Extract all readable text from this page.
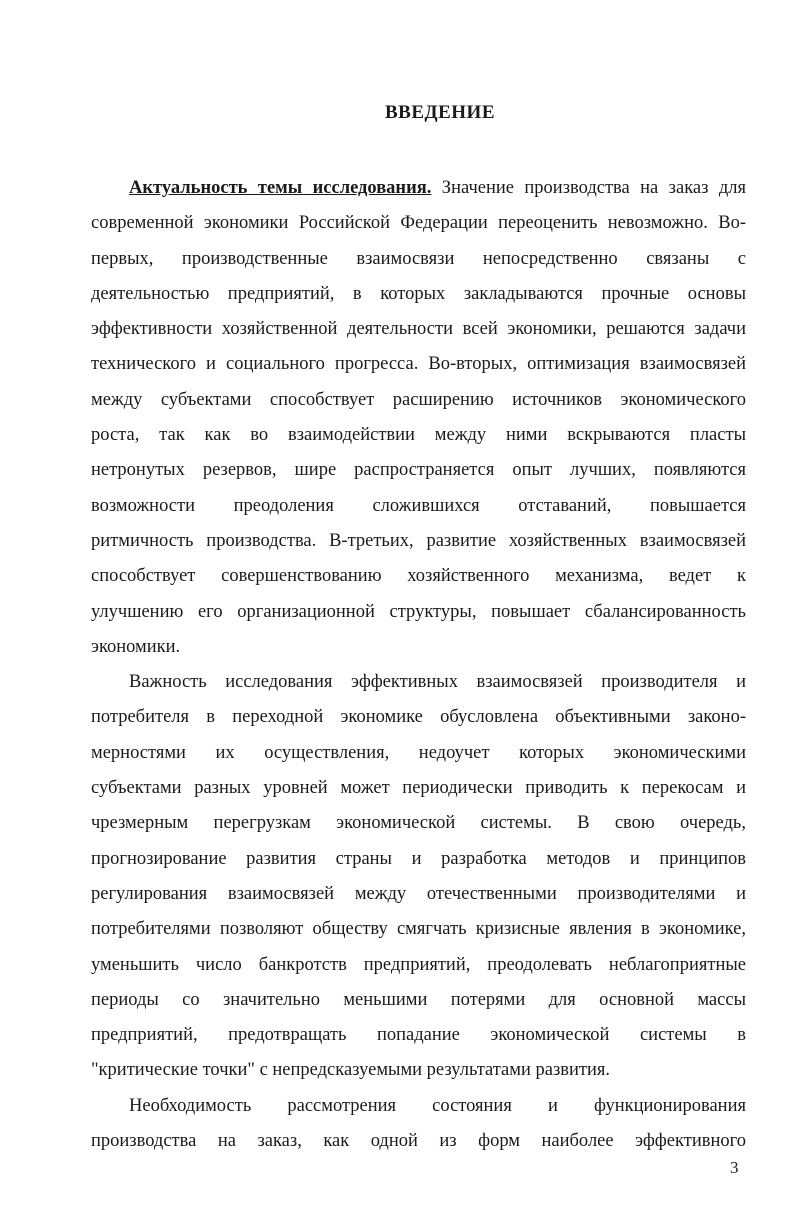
ВВЕДЕНИЕ
Актуальность темы исследования. Значение производства на заказ для
современной экономики Российской Федерации переоценить невозможно. Во-
первых, производственные взаимосвязи непосредственно связаны с
деятельностью предприятий, в которых закладываются прочные основы
эффективности хозяйственной деятельности всей экономики, решаются задачи
технического и социального прогресса. Во-вторых, оптимизация взаимосвязей
между субъектами способствует расширению источников экономического
роста, так как во взаимодействии между ними вскрываются пласты
нетронутых резервов, шире распространяется опыт лучших, появляются
возможности преодоления сложившихся отставаний, повышается
ритмичность производства. В-третьих, развитие хозяйственных взаимосвязей
способствует совершенствованию хозяйственного механизма, ведет к
улучшению его организационной структуры, повышает сбалансированность
экономики.
Важность исследования эффективных взаимосвязей производителя и
потребителя в переходной экономике обусловлена объективными законо-
мерностями их осуществления, недоучет которых экономическими
субъектами разных уровней может периодически приводить к перекосам и
чрезмерным перегрузкам экономической системы. В свою очередь,
прогнозирование развития страны и разработка методов и принципов
регулирования взаимосвязей между отечественными производителями и
потребителями позволяют обществу смягчать кризисные явления в экономике,
уменьшить число банкротств предприятий, преодолевать неблагоприятные
периоды со значительно меньшими потерями для основной массы
предприятий, предотвращать попадание экономической системы в
"критические точки" с непредсказуемыми результатами развития.
Необходимость рассмотрения состояния и функционирования
производства на заказ, как одной из форм наиболее эффективного
3
